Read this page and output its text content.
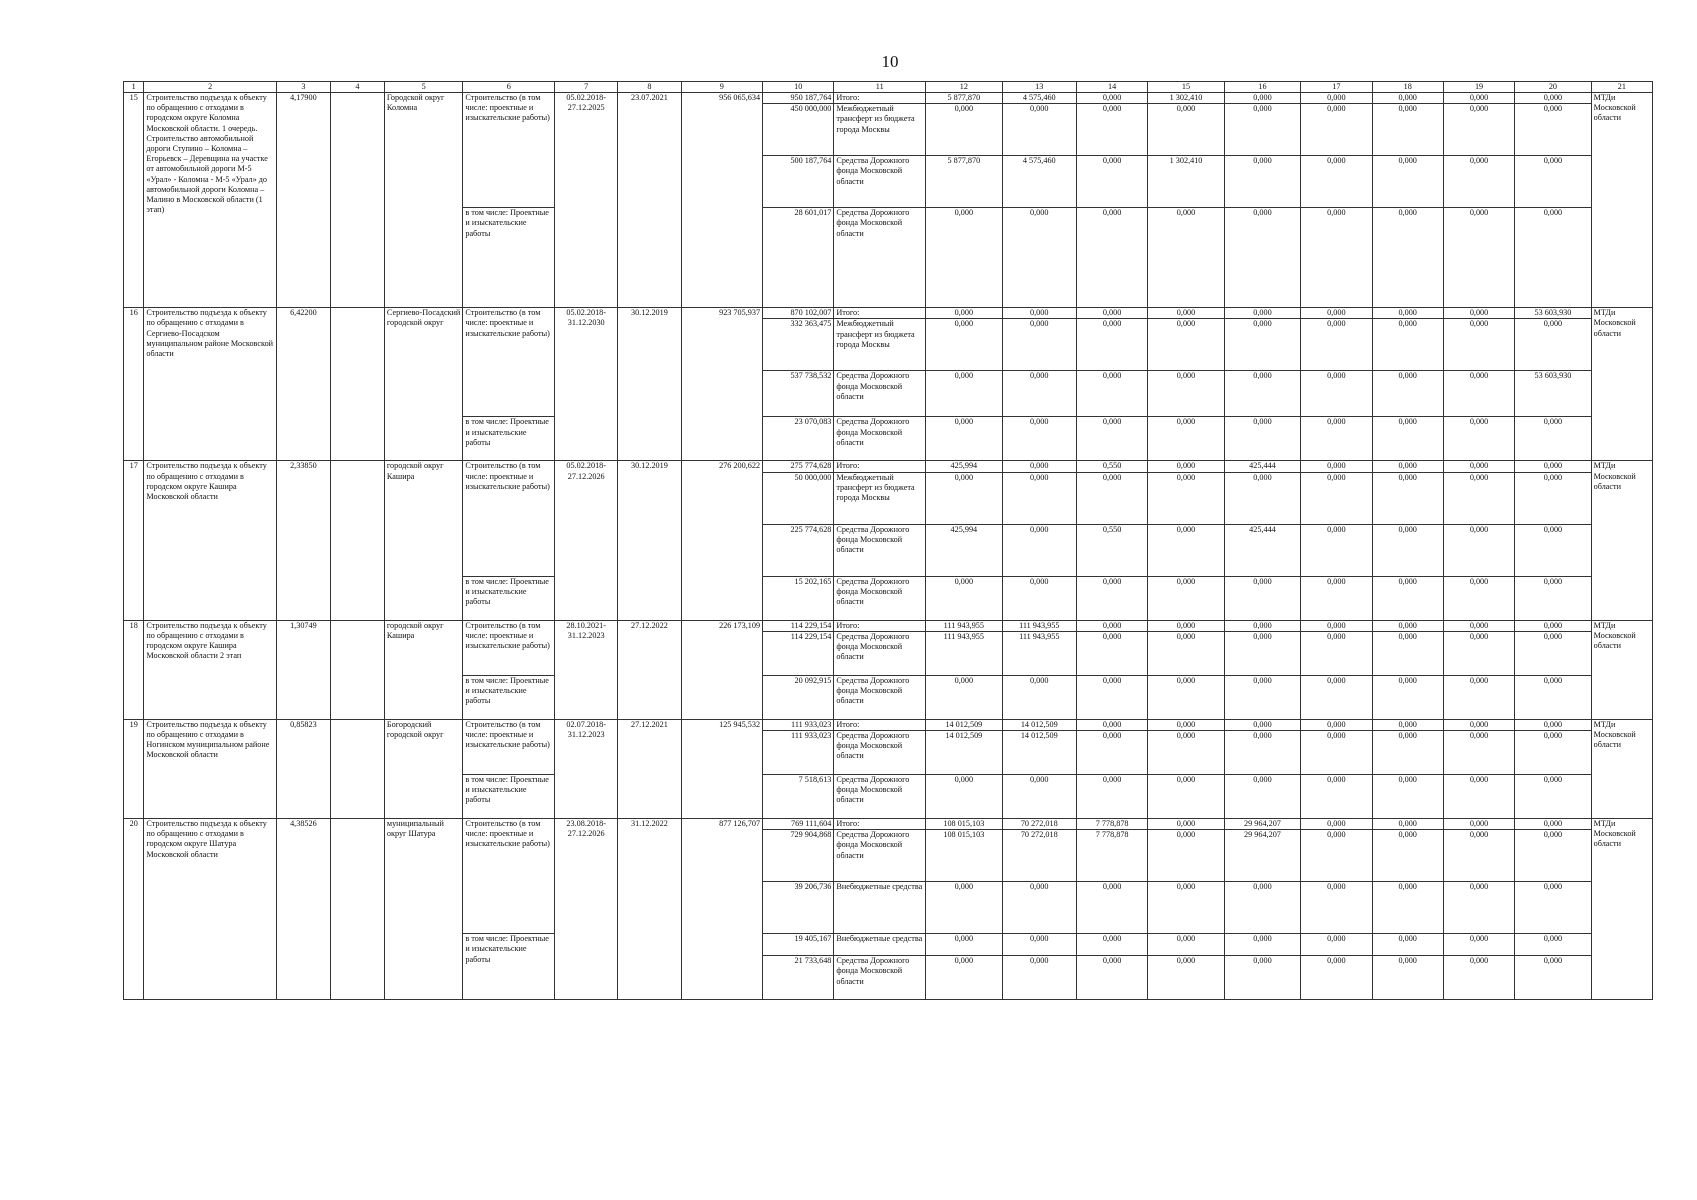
10
1	2	3	4	5	6	7	8	9	10	11	12	13	14	15	16	17	18	19	20	21
15	Строительство подъезда к объекту по обращению с отходами в городском округе Коломна Московской области. 1 очередь. Строительство автомобильной дороги Ступино – Коломна – Егорьевск – Деревщина на участке от автомобильной дороги М-5 «Урал» - Коломна - М-5 «Урал» до автомобильной дороги Коломна – Малино в Московской области (1 этап)	4,17900		Городской округ Коломна	Строительство (в том числе: проектные и изыскательские работы)	05.02.2018-27.12.2025	23.07.2021	956 065,634	950 187,764	Итого:	5 877,870	4 575,460	0,000	1 302,410	0,000	0,000	0,000	0,000	0,000	МТДи Московской области
									450 000,000	Межбюджетный трансферт из бюджета города Москвы	0,000	0,000	0,000	0,000	0,000	0,000	0,000	0,000	0,000	
									500 187,764	Средства Дорожного фонда Московской области	5 877,870	4 575,460	0,000	1 302,410	0,000	0,000	0,000	0,000	0,000	
					в том числе: Проектные и изыскательские работы				28 601,017	Средства Дорожного фонда Московской области	0,000	0,000	0,000	0,000	0,000	0,000	0,000	0,000	0,000	
16	Строительство подъезда к объекту по обращению с отходами в Сергиево-Посадском муниципальном районе Московской области	6,42200		Сергиево-Посадский городской округ	Строительство (в том числе: проектные и изыскательские работы)	05.02.2018-31.12.2030	30.12.2019	923 705,937	870 102,007	Итого:	0,000	0,000	0,000	0,000	0,000	0,000	0,000	0,000	53 603,930	МТДи Московской области
									332 363,475	Межбюджетный трансферт из бюджета города Москвы	0,000	0,000	0,000	0,000	0,000	0,000	0,000	0,000	0,000	
									537 738,532	Средства Дорожного фонда Московской области	0,000	0,000	0,000	0,000	0,000	0,000	0,000	0,000	53 603,930	
					в том числе: Проектные и изыскательские работы				23 070,083	Средства Дорожного фонда Московской области	0,000	0,000	0,000	0,000	0,000	0,000	0,000	0,000	0,000	
17	Строительство подъезда к объекту по обращению с отходами в городском округе Кашира Московской области	2,33850		городской округ Кашира	Строительство (в том числе: проектные и изыскательские работы)	05.02.2018-27.12.2026	30.12.2019	276 200,622	275 774,628	Итого:	425,994	0,000	0,550	0,000	425,444	0,000	0,000	0,000	0,000	МТДи Московской области
									50 000,000	Межбюджетный трансферт из бюджета города Москвы	0,000	0,000	0,000	0,000	0,000	0,000	0,000	0,000	0,000	
									225 774,628	Средства Дорожного фонда Московской области	425,994	0,000	0,550	0,000	425,444	0,000	0,000	0,000	0,000	
					в том числе: Проектные и изыскательские работы				15 202,165	Средства Дорожного фонда Московской области	0,000	0,000	0,000	0,000	0,000	0,000	0,000	0,000	0,000	
18	Строительство подъезда к объекту по обращению с отходами в городском округе Кашира Московской области 2 этап	1,30749		городской округ Кашира	Строительство (в том числе: проектные и изыскательские работы)	28.10.2021-31.12.2023	27.12.2022	226 173,109	114 229,154	Итого:	111 943,955	111 943,955	0,000	0,000	0,000	0,000	0,000	0,000	0,000	МТДи Московской области
									114 229,154	Средства Дорожного фонда Московской области	111 943,955	111 943,955	0,000	0,000	0,000	0,000	0,000	0,000	0,000	
					в том числе: Проектные и изыскательские работы				20 092,915	Средства Дорожного фонда Московской области	0,000	0,000	0,000	0,000	0,000	0,000	0,000	0,000	0,000	
19	Строительство подъезда к объекту по обращению с отходами в Ногинском муниципальном районе Московской области	0,85823		Богородский городской округ	Строительство (в том числе: проектные и изыскательские работы)	02.07.2018-31.12.2023	27.12.2021	125 945,532	111 933,023	Итого:	14 012,509	14 012,509	0,000	0,000	0,000	0,000	0,000	0,000	0,000	МТДи Московской области
									111 933,023	Средства Дорожного фонда Московской области	14 012,509	14 012,509	0,000	0,000	0,000	0,000	0,000	0,000	0,000	
					в том числе: Проектные и изыскательские работы				7 518,613	Средства Дорожного фонда Московской области	0,000	0,000	0,000	0,000	0,000	0,000	0,000	0,000	0,000	
20	Строительство подъезда к объекту по обращению с отходами в городском округе Шатура Московской области	4,38526		муниципальный округ Шатура	Строительство (в том числе: проектные и изыскательские работы)	23.08.2018-27.12.2026	31.12.2022	877 126,707	769 111,604	Итого:	108 015,103	70 272,018	7 778,878	0,000	29 964,207	0,000	0,000	0,000	0,000	МТДи Московской области
									729 904,868	Средства Дорожного фонда Московской области	108 015,103	70 272,018	7 778,878	0,000	29 964,207	0,000	0,000	0,000	0,000	
									39 206,736	Внебюджетные средства	0,000	0,000	0,000	0,000	0,000	0,000	0,000	0,000	0,000	
					в том числе: Проектные и изыскательские работы				19 405,167	Внебюджетные средства	0,000	0,000	0,000	0,000	0,000	0,000	0,000	0,000	0,000	
									21 733,648	Средства Дорожного фонда Московской области	0,000	0,000	0,000	0,000	0,000	0,000	0,000	0,000	0,000	
